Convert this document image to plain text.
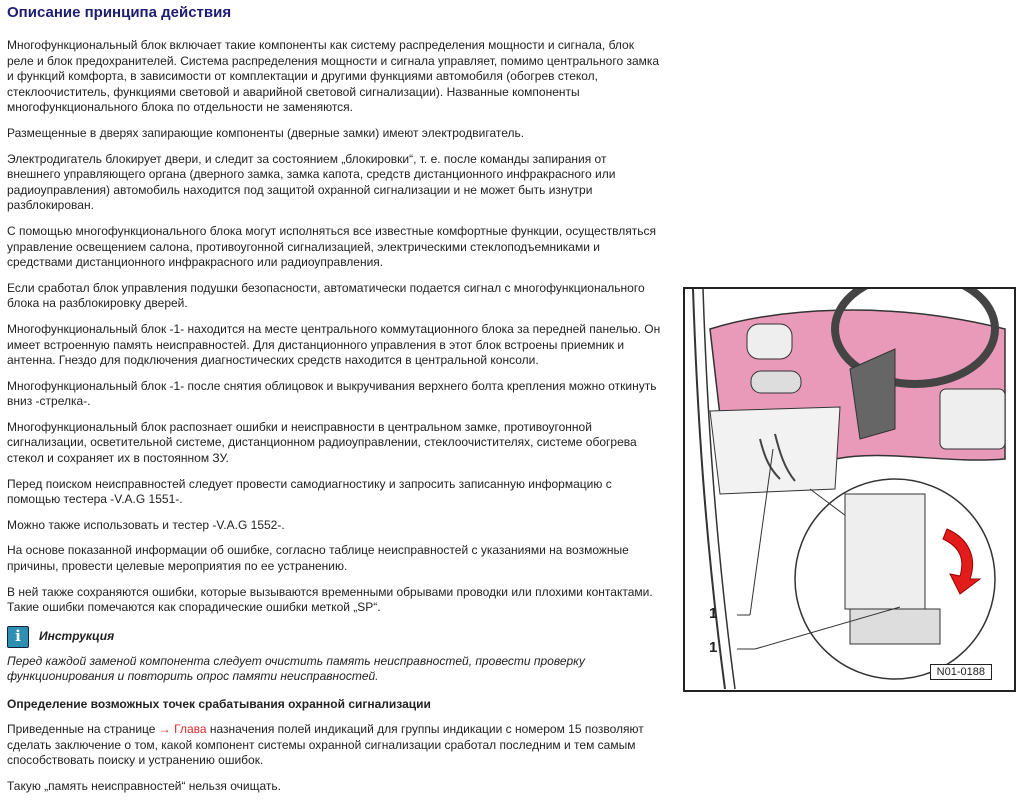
Описание принципа действия

Многофункциональный блок включает такие компоненты как систему распределения мощности и сигнала, блок реле и блок предохранителей. Система распределения мощности и сигнала управляет, помимо центрального замка и функций комфорта, в зависимости от комплектации и другими функциями автомобиля (обогрев стекол, стеклоочиститель, функциями световой и аварийной световой сигнализации). Названные компоненты многофункционального блока по отдельности не заменяются.

Размещенные в дверях запирающие компоненты (дверные замки) имеют электродвигатель.

Электродигатель блокирует двери, и следит за состоянием „блокировки“, т. е. после команды запирания от внешнего управляющего органа (дверного замка, замка капота, средств дистанционного инфракрасного или радиоуправления) автомобиль находится под защитой охранной сигнализации и не может быть изнутри разблокирован.

С помощью многофункционального блока могут исполняться все известные комфортные функции, осуществляться управление освещением салона, противоугонной сигнализацией, электрическими стеклоподъемниками и средствами дистанционного инфракрасного или радиоуправления.

Если сработал блок управления подушки безопасности, автоматически подается сигнал с многофункционального блока на разблокировку дверей.

Многофункциональный блок -1- находится на месте центрального коммутационного блока за передней панелью. Он имеет встроенную память неисправностей. Для дистанционного управления в этот блок встроены приемник и антенна. Гнездо для подключения диагностических средств находится в центральной консоли.

Многофункциональный блок -1- после снятия облицовок и выкручивания верхнего болта крепления можно откинуть вниз -стрелка-.

Многофункциональный блок распознает ошибки и неисправности в центральном замке, противоугонной сигнализации, осветительной системе, дистанционном радиоуправлении, стеклоочистителях, системе обогрева стекол и сохраняет их в постоянном ЗУ.

Перед поиском неисправностей следует провести самодиагностику и запросить записанную информацию с помощью тестера -V.A.G 1551-.

Можно также использовать и тестер -V.A.G 1552-.

На основе показанной информации об ошибке, согласно таблице неисправностей с указаниями на возможные причины, провести целевые мероприятия по ее устранению.

В ней также сохраняются ошибки, которые вызываются временными обрывами проводки или плохими контактами. Такие ошибки помечаются как спорадические ошибки меткой „SP“.

i	Инструкция

Перед каждой заменой компонента следует очистить память неисправностей, провести проверку функционирования и повторить опрос памяти неисправностей.

Определение возможных точек срабатывания охранной сигнализации

Приведенные на странице → Глава назначения полей индикаций для группы индикации с номером 15 позволяют сделать заключение о том, какой компонент системы охранной сигнализации сработал последним и тем самым способствовать поиску и устранению ошибок.

Такую „память неисправностей“ нельзя очищать.

1
1
N01-0188
